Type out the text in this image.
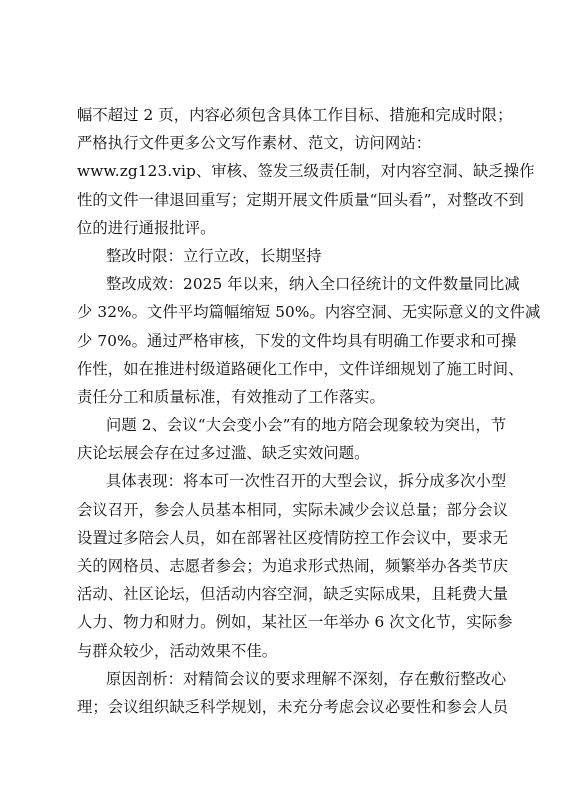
幅不超过 2 页，内容必须包含具体工作目标、措施和完成时限；
严格执行文件更多公文写作素材、范文，访问网站：
www.zg123.vip、审核、签发三级责任制，对内容空洞、缺乏操作
性的文件一律退回重写；定期开展文件质量“回头看”，对整改不到
位的进行通报批评。
整改时限：立行立改，长期坚持
整改成效：2025 年以来，纳入全口径统计的文件数量同比减
少 32%。文件平均篇幅缩短 50%。内容空洞、无实际意义的文件减
少 70%。通过严格审核，下发的文件均具有明确工作要求和可操
作性，如在推进村级道路硬化工作中，文件详细规划了施工时间、
责任分工和质量标准，有效推动了工作落实。
问题 2、会议“大会变小会”有的地方陪会现象较为突出，节
庆论坛展会存在过多过滥、缺乏实效问题。
具体表现：将本可一次性召开的大型会议，拆分成多次小型
会议召开，参会人员基本相同，实际未减少会议总量；部分会议
设置过多陪会人员，如在部署社区疫情防控工作会议中，要求无
关的网格员、志愿者参会；为追求形式热闹，频繁举办各类节庆
活动、社区论坛，但活动内容空洞，缺乏实际成果，且耗费大量
人力、物力和财力。例如，某社区一年举办 6 次文化节，实际参
与群众较少，活动效果不佳。
原因剖析：对精简会议的要求理解不深刻，存在敷衍整改心
理；会议组织缺乏科学规划，未充分考虑会议必要性和参会人员
